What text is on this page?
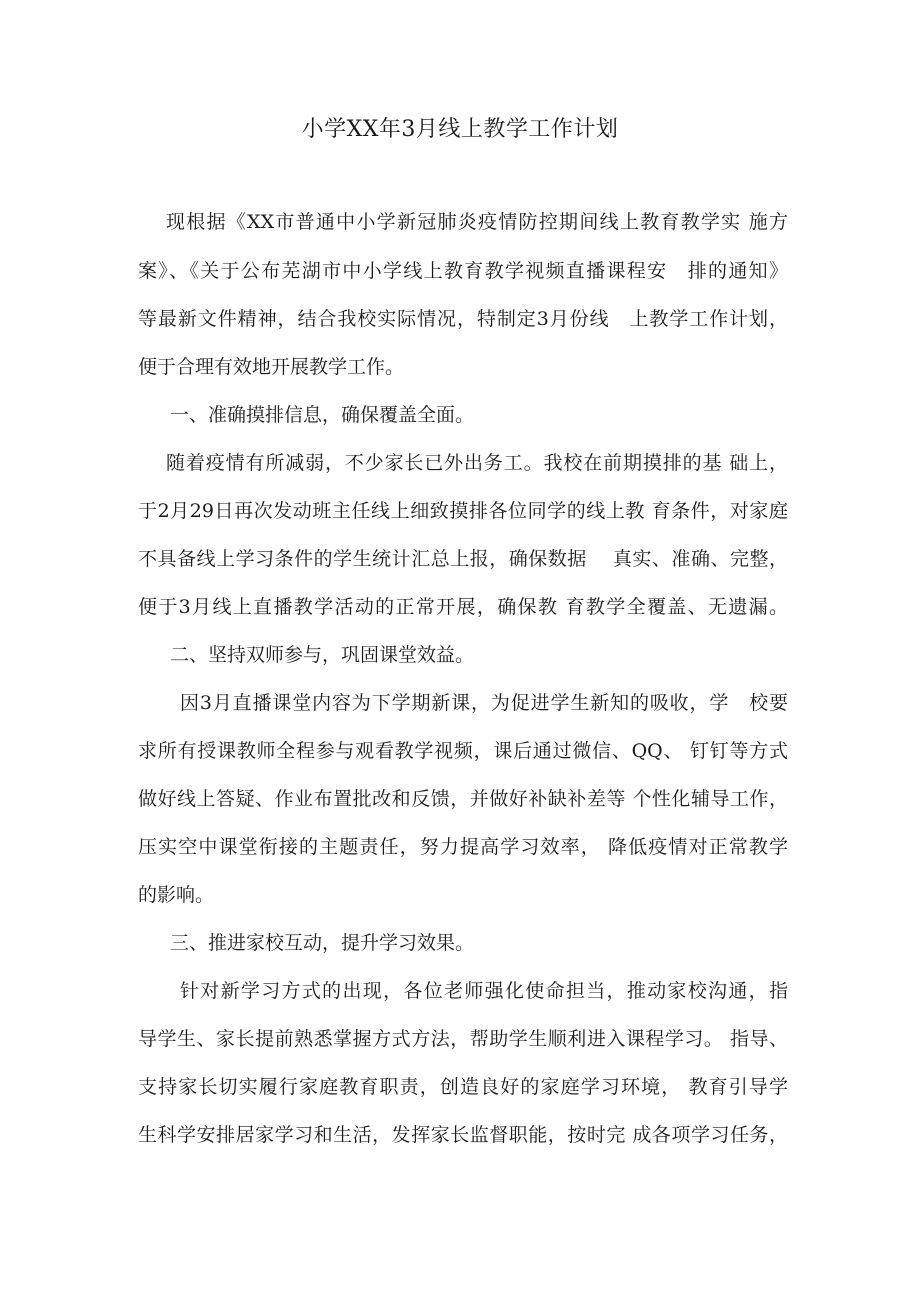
小学XX年3月线上教学工作计划
现根据《XX市普通中小学新冠肺炎疫情防控期间线上教育教学实 施方
案》、《关于公布芜湖市中小学线上教育教学视频直播课程安　排的通知》
等最新文件精神，结合我校实际情况，特制定3月份线　上教学工作计划，
便于合理有效地开展教学工作。
一、准确摸排信息，确保覆盖全面。
随着疫情有所减弱，不少家长已外出务工。我校在前期摸排的基 础上，
于2月29日再次发动班主任线上细致摸排各位同学的线上教 育条件，对家庭
不具备线上学习条件的学生统计汇总上报，确保数据　 真实、准确、完整，
便于3月线上直播教学活动的正常开展，确保教 育教学全覆盖、无遗漏。
二、坚持双师参与，巩固课堂效益。
因3月直播课堂内容为下学期新课，为促进学生新知的吸收，学　校要
求所有授课教师全程参与观看教学视频，课后通过微信、QQ、 钉钉等方式
做好线上答疑、作业布置批改和反馈，并做好补缺补差等 个性化辅导工作，
压实空中课堂衔接的主题责任，努力提高学习效率， 降低疫情对正常教学
的影响。
三、推进家校互动，提升学习效果。
针对新学习方式的出现，各位老师强化使命担当，推动家校沟通，指
导学生、家长提前熟悉掌握方式方法，帮助学生顺利进入课程学习。 指导、
支持家长切实履行家庭教育职责，创造良好的家庭学习环境， 教育引导学
生科学安排居家学习和生活，发挥家长监督职能，按时完 成各项学习任务，
